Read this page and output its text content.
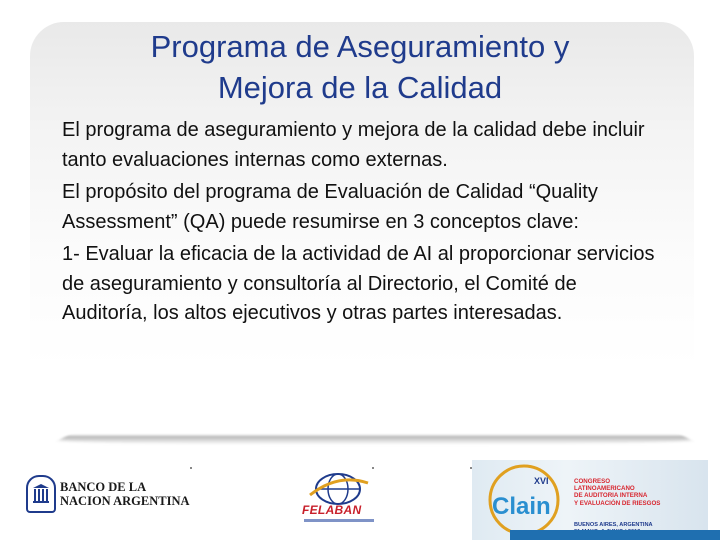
Programa de Aseguramiento y
Mejora de la Calidad

El programa de aseguramiento y mejora de la calidad debe incluir tanto evaluaciones internas como externas.

El propósito del programa de Evaluación de Calidad “Quality Assessment” (QA) puede resumirse en 3 conceptos clave:

1- Evaluar la eficacia de la actividad de AI al proporcionar servicios de aseguramiento y consultoría al Directorio, el Comité de Auditoría, los altos ejecutivos y otras partes interesadas.

BANCO DE LA
NACION ARGENTINA
FELABAN
XVI
Clain
CONGRESO
LATINOAMERICANO
DE AUDITORIA INTERNA
Y EVALUACIÓN DE RIESGOS
BUENOS AIRES, ARGENTINA
